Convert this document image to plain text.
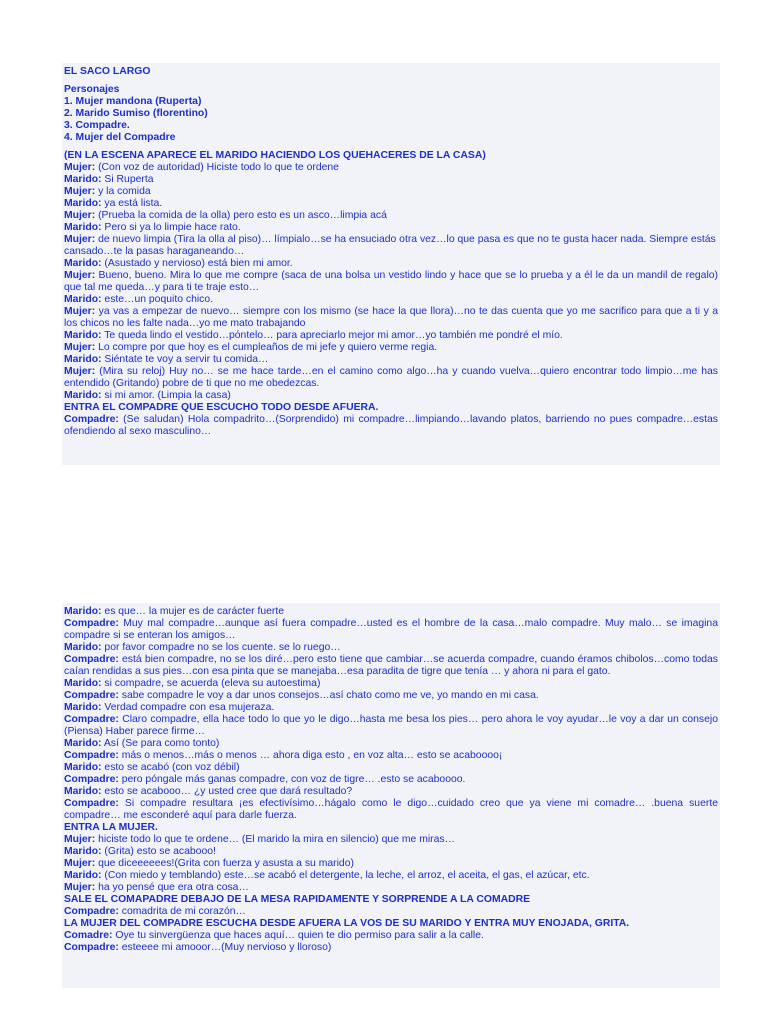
EL SACO LARGO
Personajes
1. Mujer mandona (Ruperta)
2. Marido Sumiso (florentino)
3. Compadre.
4. Mujer del Compadre
(EN LA ESCENA APARECE EL MARIDO HACIENDO LOS QUEHACERES DE LA CASA)
Mujer: (Con voz de autoridad) Hiciste todo lo que te ordene
Marido: Si Ruperta
Mujer: y la comida
Marido: ya está lista.
Mujer: (Prueba la comida de la olla) pero esto es un asco…limpia acá
Marido: Pero si ya lo limpie hace rato.
Mujer: de nuevo limpia (Tira la olla al piso)… límpialo…se ha ensuciado otra vez…lo que pasa es que no te gusta hacer nada. Siempre estás cansado…te la pasas haraganeando…
Marido: (Asustado y nervioso) está bien mi amor.
Mujer: Bueno, bueno. Mira lo que me compre (saca de una bolsa un vestido lindo y hace que se lo prueba y a él le da un mandil de regalo) que tal me queda…y para ti te traje esto…
Marido: este…un poquito chico.
Mujer: ya vas a empezar de nuevo… siempre con los mismo (se hace la que llora)…no te das cuenta que yo me sacrifico para que a ti y a los chicos no les falte nada…yo me mato trabajando
Marido: Te queda lindo el vestido…pόntelo… para apreciarlo mejor mi amor…yo también me pondré el mío.
Mujer: Lo compre por que hoy es el cumpleaños de mi jefe y quiero verme regia.
Marido: Siéntate te voy a servir tu comida…
Mujer: (Mira su reloj) Huy no… se me hace tarde…en el camino como algo…ha y cuando vuelva…quiero encontrar todo limpio…me has entendido (Gritando) pobre de ti que no me obedezcas.
Marido: si mi amor. (Limpia la casa)
ENTRA EL COMPADRE QUE ESCUCHO TODO DESDE AFUERA.
Compadre: (Se saludan) Hola compadrito…(Sorprendido) mi compadre…limpiando…lavando platos, barriendo no pues compadre…estas ofendiendo al sexo masculino…
Marido: es que… la mujer es de carácter fuerte
Compadre: Muy mal compadre…aunque así fuera compadre…usted es el hombre de la casa…malo compadre. Muy malo… se imagina compadre si se enteran los amigos…
Marido: por favor compadre no se los cuente. se lo ruego…
Compadre: está bien compadre, no se los diré…pero esto tiene que cambiar…se acuerda compadre, cuando éramos chibolos…como todas caían rendidas a sus pies…con esa pinta que se manejaba…esa paradita de tigre que tenía … y ahora ni para el gato.
Marido: si compadre, se acuerda (eleva su autoestima)
Compadre: sabe compadre le voy a dar unos consejos…así chato como me ve, yo mando en mi casa.
Marido: Verdad compadre con esa mujeraza.
Compadre: Claro compadre, ella hace todo lo que yo le digo…hasta me besa los pies… pero ahora le voy ayudar…le voy a dar un consejo (Piensa) Haber parece firme…
Marido: Así (Se para como tonto)
Compadre: más o menos…más o menos … ahora diga esto , en voz alta… esto se acaboooo¡
Marido: esto se acabó (con voz débil)
Compadre: pero póngale más ganas compadre, con voz de tigre… .esto se acaboooo.
Marido: esto se acabooo… ¿y usted cree que dará resultado?
Compadre: Si compadre resultara ¡es efectivísimo…hágalo como le digo…cuidado creo que ya viene mi comadre… .buena suerte compadre… me esconderé aquí para darle fuerza.
ENTRA LA MUJER.
Mujer: hiciste todo lo que te ordene… (El marido la mira en silencio) que me miras…
Marido: (Grita) esto se acabooo!
Mujer: que diceeeeees!(Grita con fuerza y asusta a su marido)
Marido: (Con miedo y temblando) este…se acabó el detergente, la leche, el arroz, el aceita, el gas, el azúcar, etc.
Mujer: ha yo pensé que era otra cosa…
SALE EL COMAPADRE DEBAJO DE LA MESA RAPIDAMENTE Y SORPRENDE A LA COMADRE
Compadre: comadrita de mi corazón…
LA MUJER DEL COMPADRE ESCUCHA DESDE AFUERA LA VOS DE SU MARIDO Y ENTRA MUY ENOJADA, GRITA.
Comadre: Oye tu sinvergüenza que haces aquí… quien te dio permiso para salir a la calle.
Compadre: esteeee mi amooor…(Muy nervioso y lloroso)
